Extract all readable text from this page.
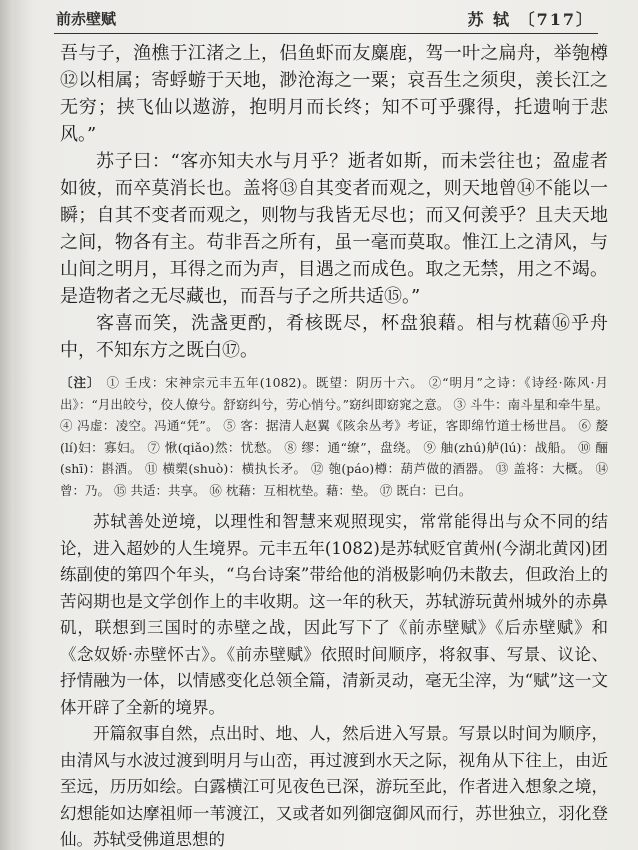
前赤壁赋	苏 轼 〔717〕

吾与子，渔樵于江渚之上，侣鱼虾而友麋鹿，驾一叶之扁舟，举匏樽⑫以相属；寄蜉蝣于天地，渺沧海之一粟；哀吾生之须臾，羡长江之无穷；挟飞仙以遨游，抱明月而长终；知不可乎骤得，托遗响于悲风。”

苏子曰：“客亦知夫水与月乎？逝者如斯，而未尝往也；盈虚者如彼，而卒莫消长也。盖将⑬自其变者而观之，则天地曾⑭不能以一瞬；自其不变者而观之，则物与我皆无尽也；而又何羡乎？且夫天地之间，物各有主。苟非吾之所有，虽一毫而莫取。惟江上之清风，与山间之明月，耳得之而为声，目遇之而成色。取之无禁，用之不竭。是造物者之无尽藏也，而吾与子之所共适⑮。”

客喜而笑，洗盏更酌，肴核既尽，杯盘狼藉。相与枕藉⑯乎舟中，不知东方之既白⑰。

〔注〕 ① 壬戌：宋神宗元丰五年(1082)。既望：阴历十六。 ②“明月”之诗：《诗经·陈风·月出》：“月出皎兮，佼人僚兮。舒窈纠兮，劳心悄兮。”窈纠即窈窕之意。 ③ 斗牛：南斗星和牵牛星。 ④ 冯虚：凌空。冯通“凭”。 ⑤ 客：据清人赵翼《陔余丛考》考证，客即绵竹道士杨世昌。 ⑥ 嫠(lí)妇：寡妇。 ⑦ 愀(qiǎo)然：忧愁。 ⑧ 缪：通“缭”，盘绕。 ⑨ 舳(zhú)舻(lú)：战船。 ⑩ 酾(shī)：斟酒。 ⑪ 横槊(shuò)：横执长矛。 ⑫ 匏(páo)樽：葫芦做的酒器。 ⑬ 盖将：大概。 ⑭ 曾：乃。 ⑮ 共适：共享。 ⑯ 枕藉：互相枕垫。藉：垫。 ⑰ 既白：已白。

苏轼善处逆境，以理性和智慧来观照现实，常常能得出与众不同的结论，进入超妙的人生境界。元丰五年(1082)是苏轼贬官黄州(今湖北黄冈)团练副使的第四个年头，“乌台诗案”带给他的消极影响仍未散去，但政治上的苦闷期也是文学创作上的丰收期。这一年的秋天，苏轼游玩黄州城外的赤鼻矶，联想到三国时的赤壁之战，因此写下了《前赤壁赋》《后赤壁赋》和《念奴娇·赤壁怀古》。《前赤壁赋》依照时间顺序，将叙事、写景、议论、抒情融为一体，以情感变化总领全篇，清新灵动，毫无尘滓，为“赋”这一文体开辟了全新的境界。

开篇叙事自然，点出时、地、人，然后进入写景。写景以时间为顺序，由清风与水波过渡到明月与山峦，再过渡到水天之际，视角从下往上，由近至远，历历如绘。白露横江可见夜色已深，游玩至此，作者进入想象之境，幻想能如达摩祖师一苇渡江，又或者如列御寇御风而行，苏世独立，羽化登仙。苏轼受佛道思想的
